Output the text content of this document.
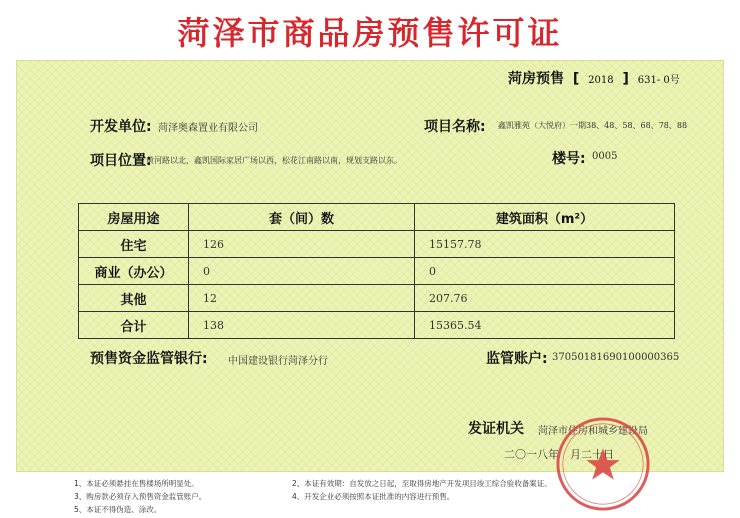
菏泽市商品房预售许可证
菏房预售 [ 2018 ] 631- 0号
开发单位: 菏泽奥森置业有限公司	项目名称: 鑫凯雅苑（大悦府）一期38、48、58、68、78、88
项目位置:
黄河路以北，鑫凯国际家居广场以西，松花江南路以南，规划支路以东。	楼号: 0005
房屋用途	套（间）数	建筑面积（m²）
住宅	126	15157.78
商业（办公）	0	0
其他	12	207.76
合计	138	15365.54
预售资金监管银行: 中国建设银行菏泽分行	监管账户: 37050181690100000365
发证机关 菏泽市住房和城乡建设局
二〇一八年　月二十日
1、本证必须悬挂在售楼场所明显处。
3、购房款必须存入预售资金监管账户。
5、本证不得伪造、涂改。
2、本证有效期：自发放之日起，至取得房地产开发项目竣工综合验收备案证。
4、开发企业必须按照本证批准的内容进行预售。
